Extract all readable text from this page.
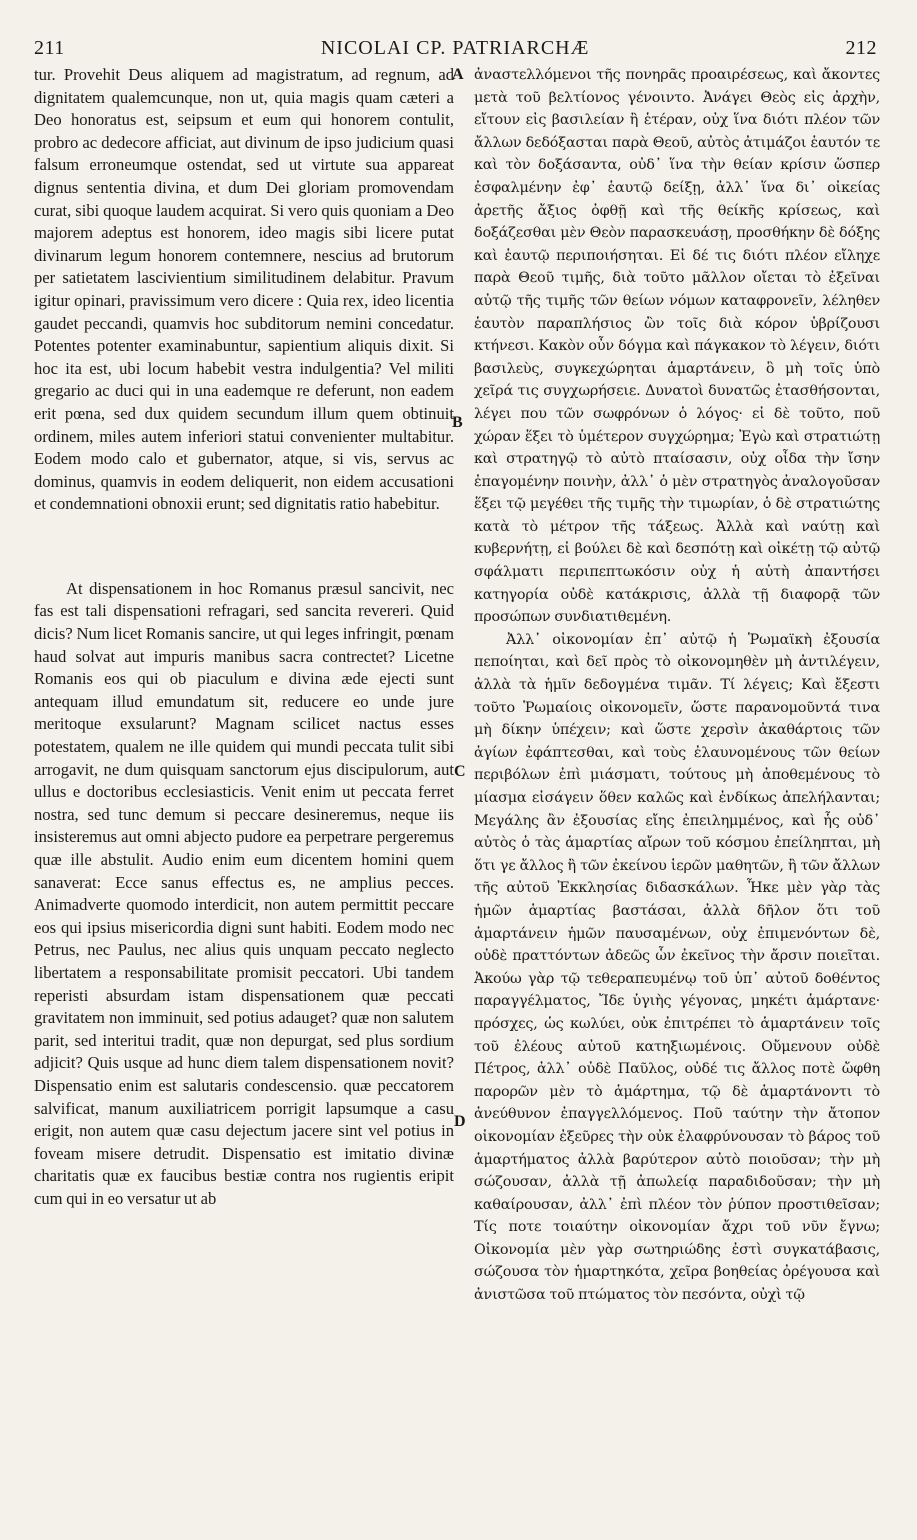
211	NICOLAI CP. PATRIARCHÆ	212

tur. Provehit Deus aliquem ad magistratum, ad regnum, ad dignitatem qualemcunque, non ut, quia magis quam cæteri a Deo honoratus est, seipsum et eum qui honorem contulit, probro ac dedecore afficiat, aut divinum de ipso judicium quasi falsum erroneumque ostendat, sed ut virtute sua appareat dignus sententia divina, et dum Dei gloriam promovendam curat, sibi quoque laudem acquirat. Si vero quis quoniam a Deo majorem adeptus est honorem, ideo magis sibi licere putat divinarum legum honorem contemnere, nescius ad brutorum per satietatem lascivientium similitudinem delabitur. Pravum igitur opinari, pravissimum vero dicere : Quia rex, ideo licentia gaudet peccandi, quamvis hoc subditorum nemini concedatur. Potentes potenter examinabuntur, sapientium aliquis dixit. Si hoc ita est, ubi locum habebit vestra indulgentia? Vel militi gregario ac duci qui in una eademque re deferunt, non eadem erit pœna, sed dux quidem secundum illum quem obtinuit ordinem, miles autem inferiori statui convenienter multabitur. Eodem modo calo et gubernator, atque, si vis, servus ac dominus, quamvis in eodem deliquerit, non eidem accusationi et condemnationi obnoxii erunt; sed dignitatis ratio habebitur.

At dispensationem in hoc Romanus præsul sancivit, nec fas est tali dispensationi refragari, sed sancita revereri. Quid dicis? Num licet Romanis sancire, ut qui leges infringit, pœnam haud solvat aut impuris manibus sacra contrectet? Licetne Romanis eos qui ob piaculum e divina æde ejecti sunt antequam illud emundatum sit, reducere eo unde jure meritoque exsularunt? Magnam scilicet nactus esses potestatem, qualem ne ille quidem qui mundi peccata tulit sibi arrogavit, ne dum quisquam sanctorum ejus discipulorum, aut ullus e doctoribus ecclesiasticis. Venit enim ut peccata ferret nostra, sed tunc demum si peccare desineremus, neque iis insisteremus aut omni abjecto pudore ea perpetrare pergeremus quæ ille abstulit. Audio enim eum dicentem homini quem sanaverat: Ecce sanus effectus es, ne amplius pecces. Animadverte quomodo interdicit, non autem permittit peccare eos qui ipsius misericordia digni sunt habiti. Eodem modo nec Petrus, nec Paulus, nec alius quis unquam peccato neglecto libertatem a responsabilitate promisit peccatori. Ubi tandem reperisti absurdam istam dispensationem quæ peccati gravitatem non imminuit, sed potius adauget? quæ non salutem parit, sed interitui tradit, quæ non depurgat, sed plus sordium adjicit? Quis usque ad hunc diem talem dispensationem novit? Dispensatio enim est salutaris condescensio. quæ peccatorem salvificat, manum auxiliatricem porrigit lapsumque a casu erigit, non autem quæ casu dejectum jacere sint vel potius in foveam misere detrudit. Dispensatio est imitatio divinæ charitatis quæ ex faucibus bestiæ contra nos rugientis eripit cum qui in eo versatur ut ab

ἀναστελλόμενοι τῆς πονηρᾶς προαιρέσεως, καὶ ἄκοντες μετὰ τοῦ βελτίονος γένοιντο. Ἀνάγει Θεὸς εἰς ἀρχὴν, εἴτουν εἰς βασιλείαν ἢ ἑτέραν, οὐχ ἵνα διότι πλέον τῶν ἄλλων δεδόξασται παρὰ Θεοῦ, αὐτὸς ἀτιμάζοι ἑαυτόν τε καὶ τὸν δοξάσαντα, οὐδ᾽ ἵνα τὴν θείαν κρίσιν ὥσπερ ἐσφαλμένην ἐφ᾽ ἑαυτῷ δείξῃ, ἀλλ᾽ ἵνα δι᾽ οἰκείας ἀρετῆς ἄξιος ὀφθῇ καὶ τῆς θείκῆς κρίσεως, καὶ δοξάζεσθαι μὲν Θεὸν παρασκευάσῃ, προσθήκην δὲ δόξης καὶ ἑαυτῷ περιποιήσηται. Εἰ δέ τις διότι πλέον εἴληχε παρὰ Θεοῦ τιμῆς, διὰ τοῦτο μᾶλλον οἴεται τὸ ἐξεῖναι αὐτῷ τῆς τιμῆς τῶν θείων νόμων καταφρονεῖν, λέληθεν ἑαυτὸν παραπλήσιος ὢν τοῖς διὰ κόρον ὑβρίζουσι κτήνεσι. Κακὸν οὖν δόγμα καὶ πάγκακον τὸ λέγειν, διότι βασιλεὺς, συγκεχώρηται ἁμαρτάνειν, ὃ μὴ τοῖς ὑπὸ χεῖρά τις συγχωρήσειε. Δυνατοὶ δυνατῶς ἐτασθήσονται, λέγει που τῶν σωφρόνων ὁ λόγος· εἰ δὲ τοῦτο, ποῦ χώραν ἕξει τὸ ὑμέτερον συγχώρημα; Ἐγὼ καὶ στρατιώτῃ καὶ στρατηγῷ τὸ αὐτὸ πταίσασιν, οὐχ οἶδα τὴν ἴσην ἐπαγομένην ποινὴν, ἀλλ᾽ ὁ μὲν στρατηγὸς ἀναλογοῦσαν ἕξει τῷ μεγέθει τῆς τιμῆς τὴν τιμωρίαν, ὁ δὲ στρατιώτης κατὰ τὸ μέτρον τῆς τάξεως. Ἀλλὰ καὶ ναύτῃ καὶ κυβερνήτῃ, εἰ βούλει δὲ καὶ δεσπότῃ καὶ οἰκέτῃ τῷ αὐτῷ σφάλματι περιπεπτωκόσιν οὐχ ἡ αὐτὴ ἀπαντήσει κατηγορία οὐδὲ κατάκρισις, ἀλλὰ τῇ διαφορᾷ τῶν προσώπων συνδιατιθεμένη.

Ἀλλ᾽ οἰκονομίαν ἐπ᾽ αὐτῷ ἡ Ῥωμαϊκὴ ἐξουσία πεποίηται, καὶ δεῖ πρὸς τὸ οἰκονομηθὲν μὴ ἀντιλέγειν, ἀλλὰ τὰ ἡμῖν δεδογμένα τιμᾶν. Τί λέγεις; Καὶ ἔξεστι τοῦτο Ῥωμαίοις οἰκονομεῖν, ὥστε παρανομοῦντά τινα μὴ δίκην ὑπέχειν; καὶ ὥστε χερσὶν ἀκαθάρτοις τῶν ἁγίων ἐφάπτεσθαι, καὶ τοὺς ἐλαυνομένους τῶν θείων περιβόλων ἐπὶ μιάσματι, τούτους μὴ ἀποθεμένους τὸ μίασμα εἰσάγειν ὅθεν καλῶς καὶ ἐνδίκως ἀπελήλανται; Μεγάλης ἂν ἐξουσίας εἴης ἐπειλημμένος, καὶ ἧς οὐδ᾽ αὐτὸς ὁ τὰς ἁμαρτίας αἴρων τοῦ κόσμου ἐπείληπται, μὴ ὅτι γε ἄλλος ἢ τῶν ἐκείνου ἱερῶν μαθητῶν, ἢ τῶν ἄλλων τῆς αὐτοῦ Ἐκκλησίας διδασκάλων. Ἧκε μὲν γὰρ τὰς ἡμῶν ἁμαρτίας βαστάσαι, ἀλλὰ δῆλον ὅτι τοῦ ἁμαρτάνειν ἡμῶν παυσαμένων, οὐχ ἐπιμενόντων δὲ, οὐδὲ πραττόντων ἀδεῶς ὧν ἐκεῖνος τὴν ἄρσιν ποιεῖται. Ἀκούω γὰρ τῷ τεθεραπευμένῳ τοῦ ὑπ᾽ αὐτοῦ δοθέντος παραγγέλματος, Ἴδε ὑγιὴς γέγονας, μηκέτι ἁμάρτανε· πρόσχες, ὡς κωλύει, οὐκ ἐπιτρέπει τὸ ἁμαρτάνειν τοῖς τοῦ ἐλέους αὐτοῦ κατηξιωμένοις. Οὔμενουν οὐδὲ Πέτρος, ἀλλ᾽ οὐδὲ Παῦλος, οὐδέ τις ἄλλος ποτὲ ὤφθη παρορῶν μὲν τὸ ἁμάρτημα, τῷ δὲ ἁμαρτάνοντι τὸ ἀνεύθυνον ἐπαγγελλόμενος. Ποῦ ταύτην τὴν ἄτοπον οἰκονομίαν ἐξεῦρες τὴν οὐκ ἐλαφρύνουσαν τὸ βάρος τοῦ ἁμαρτήματος ἀλλὰ βαρύτερον αὐτὸ ποιοῦσαν; τὴν μὴ σώζουσαν, ἀλλὰ τῇ ἀπωλείᾳ παραδιδοῦσαν; τὴν μὴ καθαίρουσαν, ἀλλ᾽ ἐπὶ πλέον τὸν ῥύπον προστιθεῖσαν; Τίς ποτε τοιαύτην οἰκονομίαν ἄχρι τοῦ νῦν ἔγνω; Οἰκονομία μὲν γὰρ σωτηριώδης ἐστὶ συγκατάβασις, σώζουσα τὸν ἡμαρτηκότα, χεῖρα βοηθείας ὀρέγουσα καὶ ἀνιστῶσα τοῦ πτώματος τὸν πεσόντα, οὐχὶ τῷ

A
B
C
D
